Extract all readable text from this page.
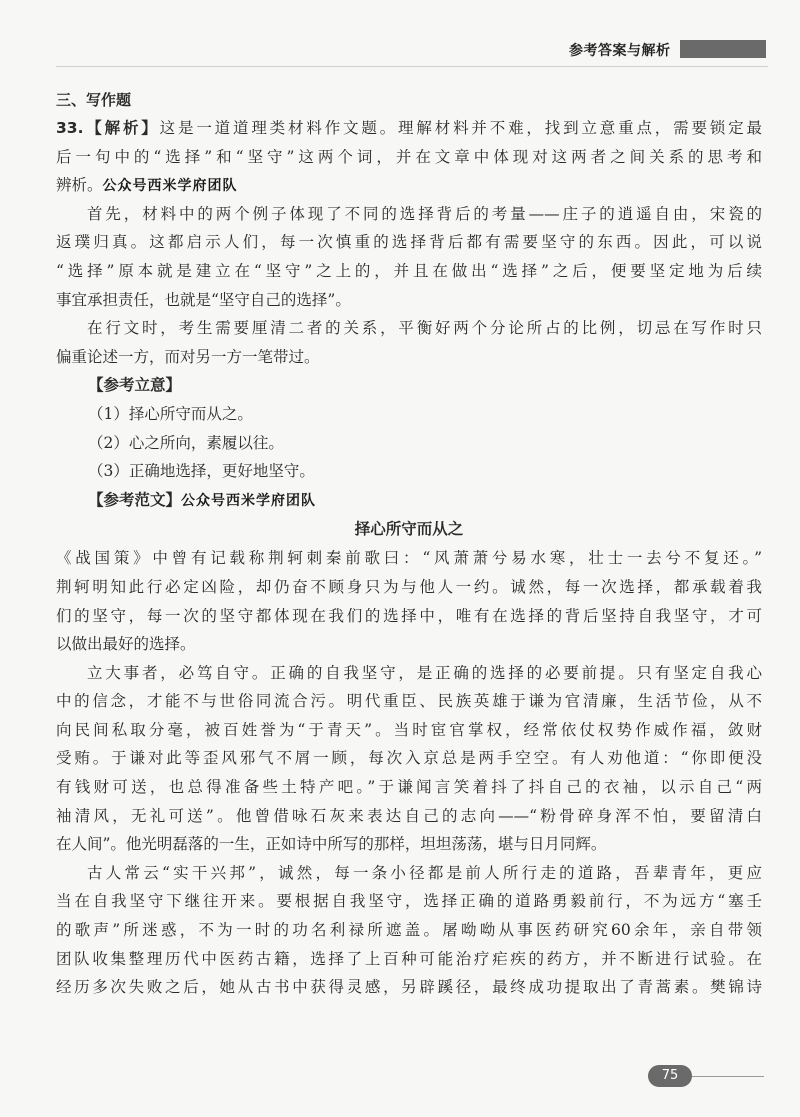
参考答案与解析
三、写作题
33.【解析】这是一道道理类材料作文题。理解材料并不难，找到立意重点，需要锁定最
后一句中的“选择”和“坚守”这两个词，并在文章中体现对这两者之间关系的思考和
辨析。公众号西米学府团队
首先，材料中的两个例子体现了不同的选择背后的考量——庄子的逍遥自由，宋瓷的
返璞归真。这都启示人们，每一次慎重的选择背后都有需要坚守的东西。因此，可以说
“选择”原本就是建立在“坚守”之上的，并且在做出“选择”之后，便要坚定地为后续
事宜承担责任，也就是“坚守自己的选择”。
在行文时，考生需要厘清二者的关系，平衡好两个分论所占的比例，切忌在写作时只
偏重论述一方，而对另一方一笔带过。
【参考立意】
（1）择心所守而从之。
（2）心之所向，素履以往。
（3）正确地选择，更好地坚守。
【参考范文】公众号西米学府团队
择心所守而从之
《战国策》中曾有记载称荆轲刺秦前歌曰：“风萧萧兮易水寒，壮士一去兮不复还。”
荆轲明知此行必定凶险，却仍奋不顾身只为与他人一约。诚然，每一次选择，都承载着我
们的坚守，每一次的坚守都体现在我们的选择中，唯有在选择的背后坚持自我坚守，才可
以做出最好的选择。
立大事者，必笃自守。正确的自我坚守，是正确的选择的必要前提。只有坚定自我心
中的信念，才能不与世俗同流合污。明代重臣、民族英雄于谦为官清廉，生活节俭，从不
向民间私取分毫，被百姓誉为“于青天”。当时宦官掌权，经常依仗权势作威作福，敛财
受贿。于谦对此等歪风邪气不屑一顾，每次入京总是两手空空。有人劝他道：“你即便没
有钱财可送，也总得准备些土特产吧。”于谦闻言笑着抖了抖自己的衣袖，以示自己“两
袖清风，无礼可送”。他曾借咏石灰来表达自己的志向——“粉骨碎身浑不怕，要留清白
在人间”。他光明磊落的一生，正如诗中所写的那样，坦坦荡荡，堪与日月同辉。
古人常云“实干兴邦”，诚然，每一条小径都是前人所行走的道路，吾辈青年，更应
当在自我坚守下继往开来。要根据自我坚守，选择正确的道路勇毅前行，不为远方“塞壬
的歌声”所迷惑，不为一时的功名利禄所遮盖。屠呦呦从事医药研究60余年，亲自带领
团队收集整理历代中医药古籍，选择了上百种可能治疗疟疾的药方，并不断进行试验。在
经历多次失败之后，她从古书中获得灵感，另辟蹊径，最终成功提取出了青蒿素。樊锦诗
75
